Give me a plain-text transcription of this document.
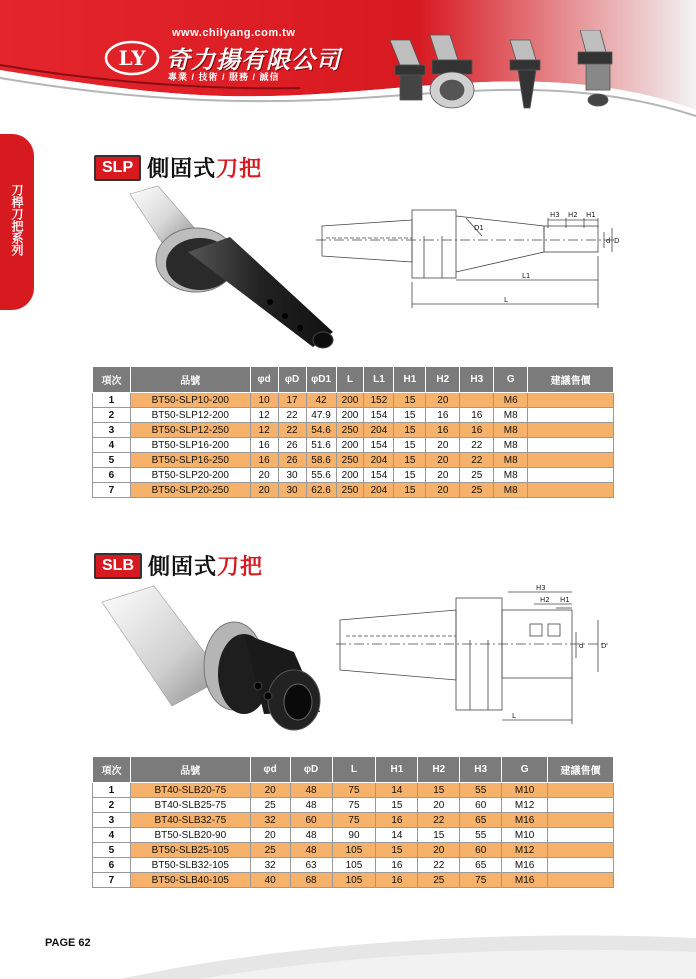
www.chilyang.com.tw
LY 奇力揚有限公司
專業 / 技術 / 服務 / 誠信
刀桿刀把系列
SLP 側固式 刀把
H3 H2 H1
d D
L1
L
D1
項次	品號	φd	φD	φD1	L	L1	H1	H2	H3	G	建議售價
1	BT50-SLP10-200	10	17	42	200	152	15	20		M6	
2	BT50-SLP12-200	12	22	47.9	200	154	15	16	16	M8	
3	BT50-SLP12-250	12	22	54.6	250	204	15	16	16	M8	
4	BT50-SLP16-200	16	26	51.6	200	154	15	20	22	M8	
5	BT50-SLP16-250	16	26	58.6	250	204	15	20	22	M8	
6	BT50-SLP20-200	20	30	55.6	200	154	15	20	25	M8	
7	BT50-SLP20-250	20	30	62.6	250	204	15	20	25	M8	
SLB 側固式 刀把
H3
H2 H1
d	D
L
項次	品號	φd	φD	L	H1	H2	H3	G	建議售價
1	BT40-SLB20-75	20	48	75	14	15	55	M10	
2	BT40-SLB25-75	25	48	75	15	20	60	M12	
3	BT40-SLB32-75	32	60	75	16	22	65	M16	
4	BT50-SLB20-90	20	48	90	14	15	55	M10	
5	BT50-SLB25-105	25	48	105	15	20	60	M12	
6	BT50-SLB32-105	32	63	105	16	22	65	M16	
7	BT50-SLB40-105	40	68	105	16	25	75	M16	
PAGE 62
